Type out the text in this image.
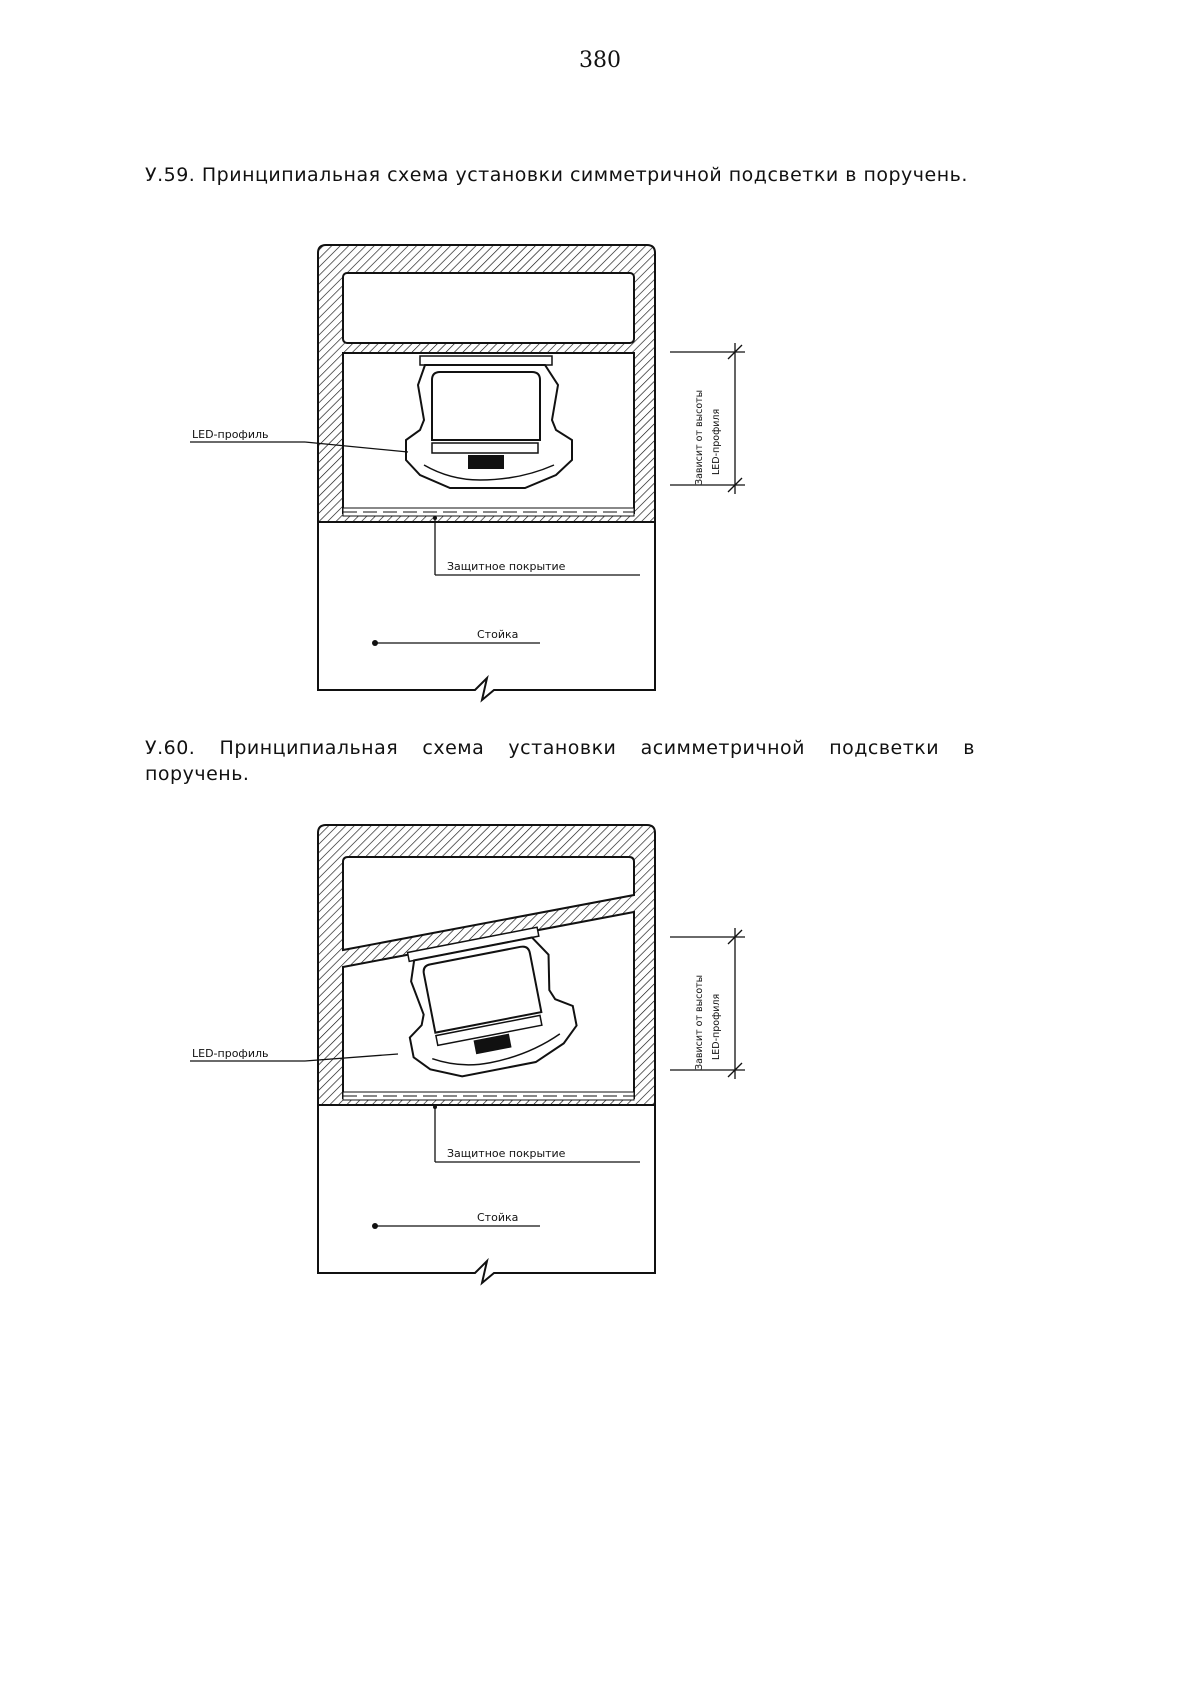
380
У.59. Принципиальная схема установки симметричной подсветки в поручень.
LED-профиль
Защитное покрытие
Стойка
Зависит от высоты LED-профиля
У.60. Принципиальная схема установки асимметричной подсветки в поручень.
LED-профиль
Защитное покрытие
Стойка
Зависит от высоты LED-профиля
